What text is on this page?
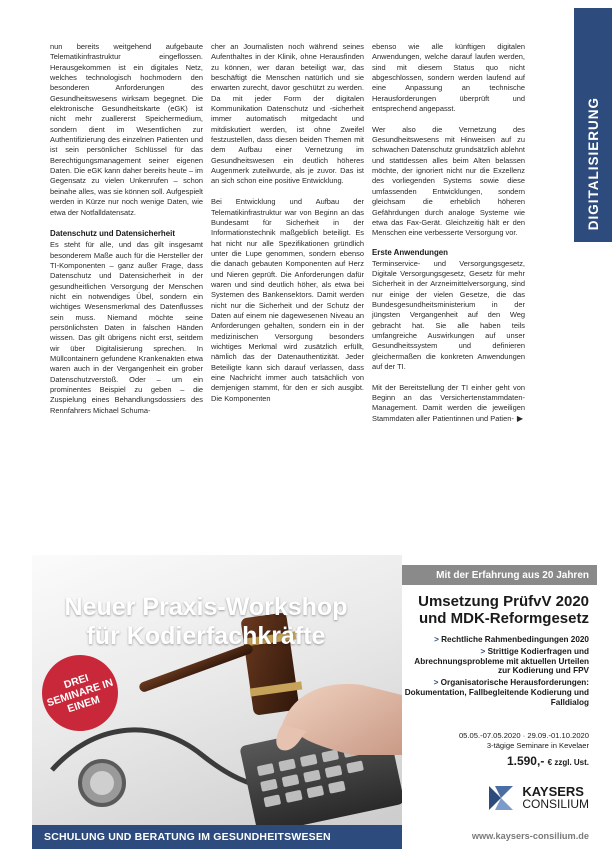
DIGITALISIERUNG

nun bereits weitgehend aufgebaute Telematikinfrastruktur eingeflossen. Herausgekommen ist ein digitales Netz, welches technologisch hochmodern den besonderen Anforderungen des Gesundheitswesens wirksam begegnet. Die elektronische Gesundheitskarte (eGK) ist nicht mehr zuallererst Speichermedium, sondern dient im Wesentlichen zur Authentifizierung des einzelnen Patienten und ist sein persönlicher Schlüssel für das Berechtigungsmanagement seiner eigenen Daten. Die eGK kann daher bereits heute – im Gegensatz zu vielen Unkenrufen – schon beinahe alles, was sie können soll. Aufgespielt werden in Kürze nur noch wenige Daten, wie etwa der Notfalldatensatz.

Datenschutz und Datensicherheit

Es steht für alle, und das gilt insgesamt besonderem Maße auch für die Hersteller der TI-Komponenten – ganz außer Frage, dass Datenschutz und Datensicherheit in der gesundheitlichen Versorgung der Menschen nicht ein notwendiges Übel, sondern ein wichtiges Wesensmerkmal des Datenflusses sein muss. Niemand möchte seine persönlichsten Daten in falschen Händen wissen. Das gilt übrigens nicht erst, seitdem wir über Digitalisierung sprechen. In Müllcontainern gefundene Krankenakten etwa waren auch in der Vergangenheit ein grober Datenschutzverstoß. Oder – um ein prominentes Beispiel zu geben – die Zuspielung eines Behandlungsdossiers des Rennfahrers Michael Schuma-

cher an Journalisten noch während seines Aufenthaltes in der Klinik, ohne Herausfinden zu können, wer daran beteiligt war, das beschäftigt die Menschen natürlich und sie erwarten zurecht, davor geschützt zu werden. Da mit jeder Form der digitalen Kommunikation Datenschutz und -sicherheit immer automatisch mitgedacht und mitdiskutiert werden, ist ohne Zweifel festzustellen, dass diesen beiden Themen mit dem Aufbau einer Vernetzung im Gesundheitswesen ein deutlich höheres Augenmerk zuteilwurde, als je zuvor. Das ist an sich schon eine positive Entwicklung.

Bei Entwicklung und Aufbau der Telematikinfrastruktur war von Beginn an das Bundesamt für Sicherheit in der Informationstechnik maßgeblich beteiligt. Es hat nicht nur alle Spezifikationen gründlich unter die Lupe genommen, sondern ebenso die danach gebauten Komponenten auf Herz und Nieren geprüft. Die Anforderungen dafür waren und sind deutlich höher, als etwa bei Systemen des Bankensektors. Damit werden nicht nur die Sicherheit und der Schutz der Daten auf einem nie dagewesenen Niveau an Anforderungen gehalten, sondern ein in der medizinischen Versorgung besonders wichtiges Merkmal wird zusätzlich erfüllt, nämlich das der Datenauthentizität. Jeder Beteiligte kann sich darauf verlassen, dass eine Nachricht immer auch tatsächlich von demjenigen stammt, für den er sich ausgibt. Die Komponenten

ebenso wie alle künftigen digitalen Anwendungen, welche darauf laufen werden, sind mit diesem Status quo nicht abgeschlossen, sondern werden laufend auf eine Anpassung an technische Herausforderungen überprüft und entsprechend angepasst.

Wer also die Vernetzung des Gesundheitswesens mit Hinweisen auf zu schwachen Datenschutz grundsätzlich ablehnt und stattdessen alles beim Alten belassen möchte, der ignoriert nicht nur die Exzellenz des vorliegenden Systems sowie diese umfassenden Entwicklungen, sondern gleichsam die erheblich höheren Gefährdungen durch analoge Systeme wie etwa das Fax-Gerät. Gleichzeitig hält er den Menschen eine verbesserte Versorgung vor.

Erste Anwendungen

Terminservice- und Versorgungsgesetz, Digitale Versorgungsgesetz, Gesetz für mehr Sicherheit in der Arzneimittelversorgung, sind nur einige der vielen Gesetze, die das Bundesgesundheitsministerium in der jüngsten Vergangenheit auf den Weg gebracht hat. Sie alle haben teils umfangreiche Auswirkungen auf unser Gesundheitssystem und definieren gleichermaßen die konkreten Anwendungen auf der TI.

Mit der Bereitstellung der TI einher geht von Beginn an das Versichertenstammdaten-Management. Damit werden die jeweiligen Stammdaten aller Patientinnen und Patien- ▶

Neuer Praxis-Workshop
für Kodierfachkräfte
DREI SEMINARE IN EINEM
SCHULUNG UND BERATUNG IM GESUNDHEITSWESEN
Mit der Erfahrung aus 20 Jahren
Umsetzung PrüfvV 2020
und MDK-Reformgesetz
> Rechtliche Rahmenbedingungen 2020
> Strittige Kodierfragen und Abrechnungsprobleme mit aktuellen Urteilen zur Kodierung und FPV
> Organisatorische Herausforderungen: Dokumentation, Fallbegleitende Kodierung und Falldialog
05.05.-07.05.2020 · 29.09.-01.10.2020
3-tägige Seminare in Kevelaer
1.590,- € zzgl. Ust.
KAYSERS
CONSILIUM
www.kaysers-consilium.de
